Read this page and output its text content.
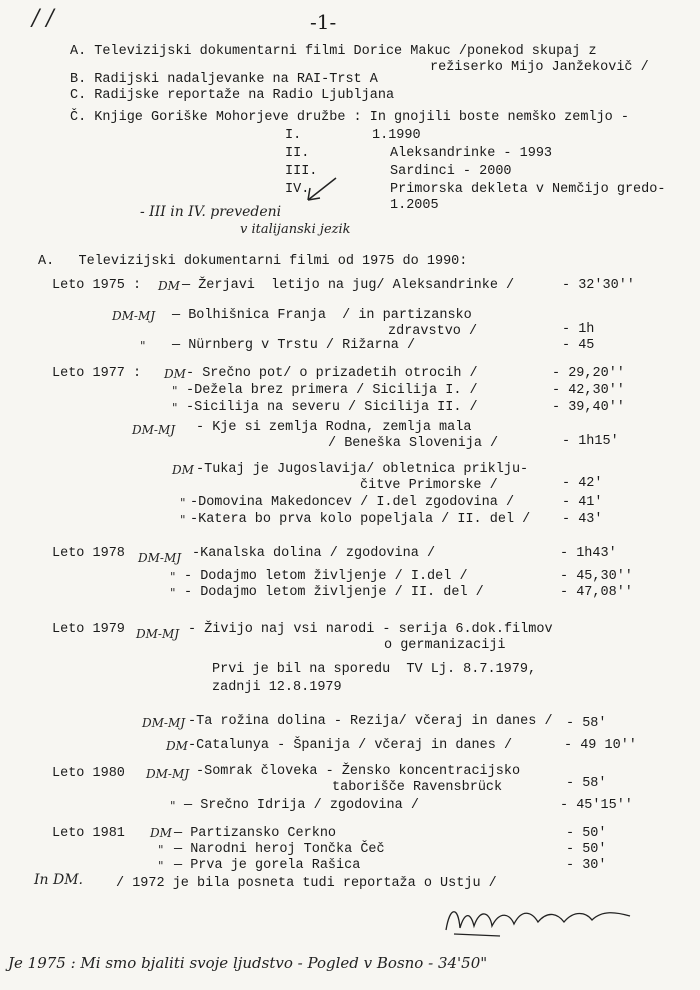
/ /	-1-
A. Televizijski dokumentarni filmi Dorice Makuc /ponekod skupaj z
režiserko Mijo Janžekovič /
B. Radijski nadaljevanke na RAI-Trst A
C. Radijske reportaže na Radio Ljubljana
Č. Knjige Goriške Mohorjeve družbe : In gnojili boste nemško zemljo -
I.	1.1990
II.	Aleksandrinke - 1993
III.	Sardinci - 2000
IV.	Primorska dekleta v Nemčijo gredo-
1.2005
- III in IV. prevedeni
v italijanski jezik
A.   Televizijski dokumentarni filmi od 1975 do 1990:
Leto 1975 : DM — Žerjavi  letijo na jug/ Aleksandrinke /	- 32'30''
DM-MJ — Bolhišnica Franja  / in partizansko
zdravstvo /	- 1h
" — Nürnberg v Trstu / Rižarna /	- 45
Leto 1977 : DM - Srečno pot/ o prizadetih otrocih /	- 29,20''
" -Dežela brez primera / Sicilija I. /	- 42,30''
" -Sicilija na severu / Sicilija II. /	- 39,40''
DM-MJ - Kje si zemlja Rodna, zemlja mala
/ Beneška Slovenija /	- 1h15'
DM -Tukaj je Jugoslavija/ obletnica priklju-
čitve Primorske /	- 42'
" -Domovina Makedoncev / I.del zgodovina /	- 41'
" -Katera bo prva kolo popeljala / II. del / - 43'
Leto 1978 DM-MJ -Kanalska dolina / zgodovina /	- 1h43'
" - Dodajmo letom življenje / I.del /	- 45,30''
" - Dodajmo letom življenje / II. del /	- 47,08''
Leto 1979 DM-MJ - Živijo naj vsi narodi - serija 6.dok.filmov
o germanizaciji
Prvi je bil na sporedu  TV Lj. 8.7.1979,
zadnji 12.8.1979
DM-MJ -Ta rožina dolina - Rezija/ včeraj in danes / - 58'
DM -Catalunya - Španija / včeraj in danes /	- 49 10''
Leto 1980 DM-MJ -Somrak človeka - Žensko koncentracijsko
taborišče Ravensbrück	- 58'
" — Srečno Idrija / zgodovina /	- 45'15''
Leto 1981 DM — Partizansko Cerkno	- 50'
" — Narodni heroj Tončka Čeč	- 50'
" — Prva je gorela Rašica	- 30'
In DM. / 1972 je bila posneta tudi reportaža o Ustju /
Je 1975 : Mi smo bjaliti svoje ljudstvo - Pogled v Bosno - 34'50"
